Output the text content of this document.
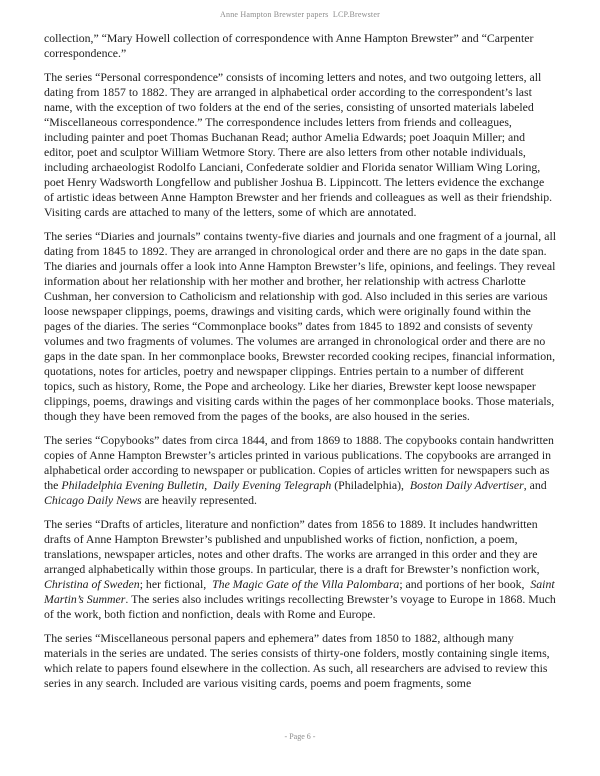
Anne Hampton Brewster papers  LCP.Brewster

collection,” “Mary Howell collection of correspondence with Anne Hampton Brewster” and “Carpenter correspondence.”

The series “Personal correspondence” consists of incoming letters and notes, and two outgoing letters, all dating from 1857 to 1882. They are arranged in alphabetical order according to the correspondent’s last name, with the exception of two folders at the end of the series, consisting of unsorted materials labeled “Miscellaneous correspondence.” The correspondence includes letters from friends and colleagues, including painter and poet Thomas Buchanan Read; author Amelia Edwards; poet Joaquin Miller; and editor, poet and sculptor William Wetmore Story. There are also letters from other notable individuals, including archaeologist Rodolfo Lanciani, Confederate soldier and Florida senator William Wing Loring, poet Henry Wadsworth Longfellow and publisher Joshua B. Lippincott. The letters evidence the exchange of artistic ideas between Anne Hampton Brewster and her friends and colleagues as well as their friendship. Visiting cards are attached to many of the letters, some of which are annotated.

The series “Diaries and journals” contains twenty-five diaries and journals and one fragment of a journal, all dating from 1845 to 1892. They are arranged in chronological order and there are no gaps in the date span. The diaries and journals offer a look into Anne Hampton Brewster’s life, opinions, and feelings. They reveal information about her relationship with her mother and brother, her relationship with actress Charlotte Cushman, her conversion to Catholicism and relationship with god. Also included in this series are various loose newspaper clippings, poems, drawings and visiting cards, which were originally found within the pages of the diaries. The series “Commonplace books” dates from 1845 to 1892 and consists of seventy volumes and two fragments of volumes. The volumes are arranged in chronological order and there are no gaps in the date span. In her commonplace books, Brewster recorded cooking recipes, financial information, quotations, notes for articles, poetry and newspaper clippings. Entries pertain to a number of different topics, such as history, Rome, the Pope and archeology. Like her diaries, Brewster kept loose newspaper clippings, poems, drawings and visiting cards within the pages of her commonplace books. Those materials, though they have been removed from the pages of the books, are also housed in the series.

The series “Copybooks” dates from circa 1844, and from 1869 to 1888. The copybooks contain handwritten copies of Anne Hampton Brewster’s articles printed in various publications. The copybooks are arranged in alphabetical order according to newspaper or publication. Copies of articles written for newspapers such as the Philadelphia Evening Bulletin,  Daily Evening Telegraph (Philadelphia),  Boston Daily Advertiser, and  Chicago Daily News are heavily represented.

The series “Drafts of articles, literature and nonfiction” dates from 1856 to 1889. It includes handwritten drafts of Anne Hampton Brewster’s published and unpublished works of fiction, nonfiction, a poem, translations, newspaper articles, notes and other drafts. The works are arranged in this order and they are arranged alphabetically within those groups. In particular, there is a draft for Brewster’s nonfiction work, Christina of Sweden; her fictional,  The Magic Gate of the Villa Palombara; and portions of her book,  Saint Martin’s Summer. The series also includes writings recollecting Brewster’s voyage to Europe in 1868. Much of the work, both fiction and nonfiction, deals with Rome and Europe.

The series “Miscellaneous personal papers and ephemera” dates from 1850 to 1882, although many materials in the series are undated. The series consists of thirty-one folders, mostly containing single items, which relate to papers found elsewhere in the collection. As such, all researchers are advised to review this series in any search. Included are various visiting cards, poems and poem fragments, some

- Page 6 -
